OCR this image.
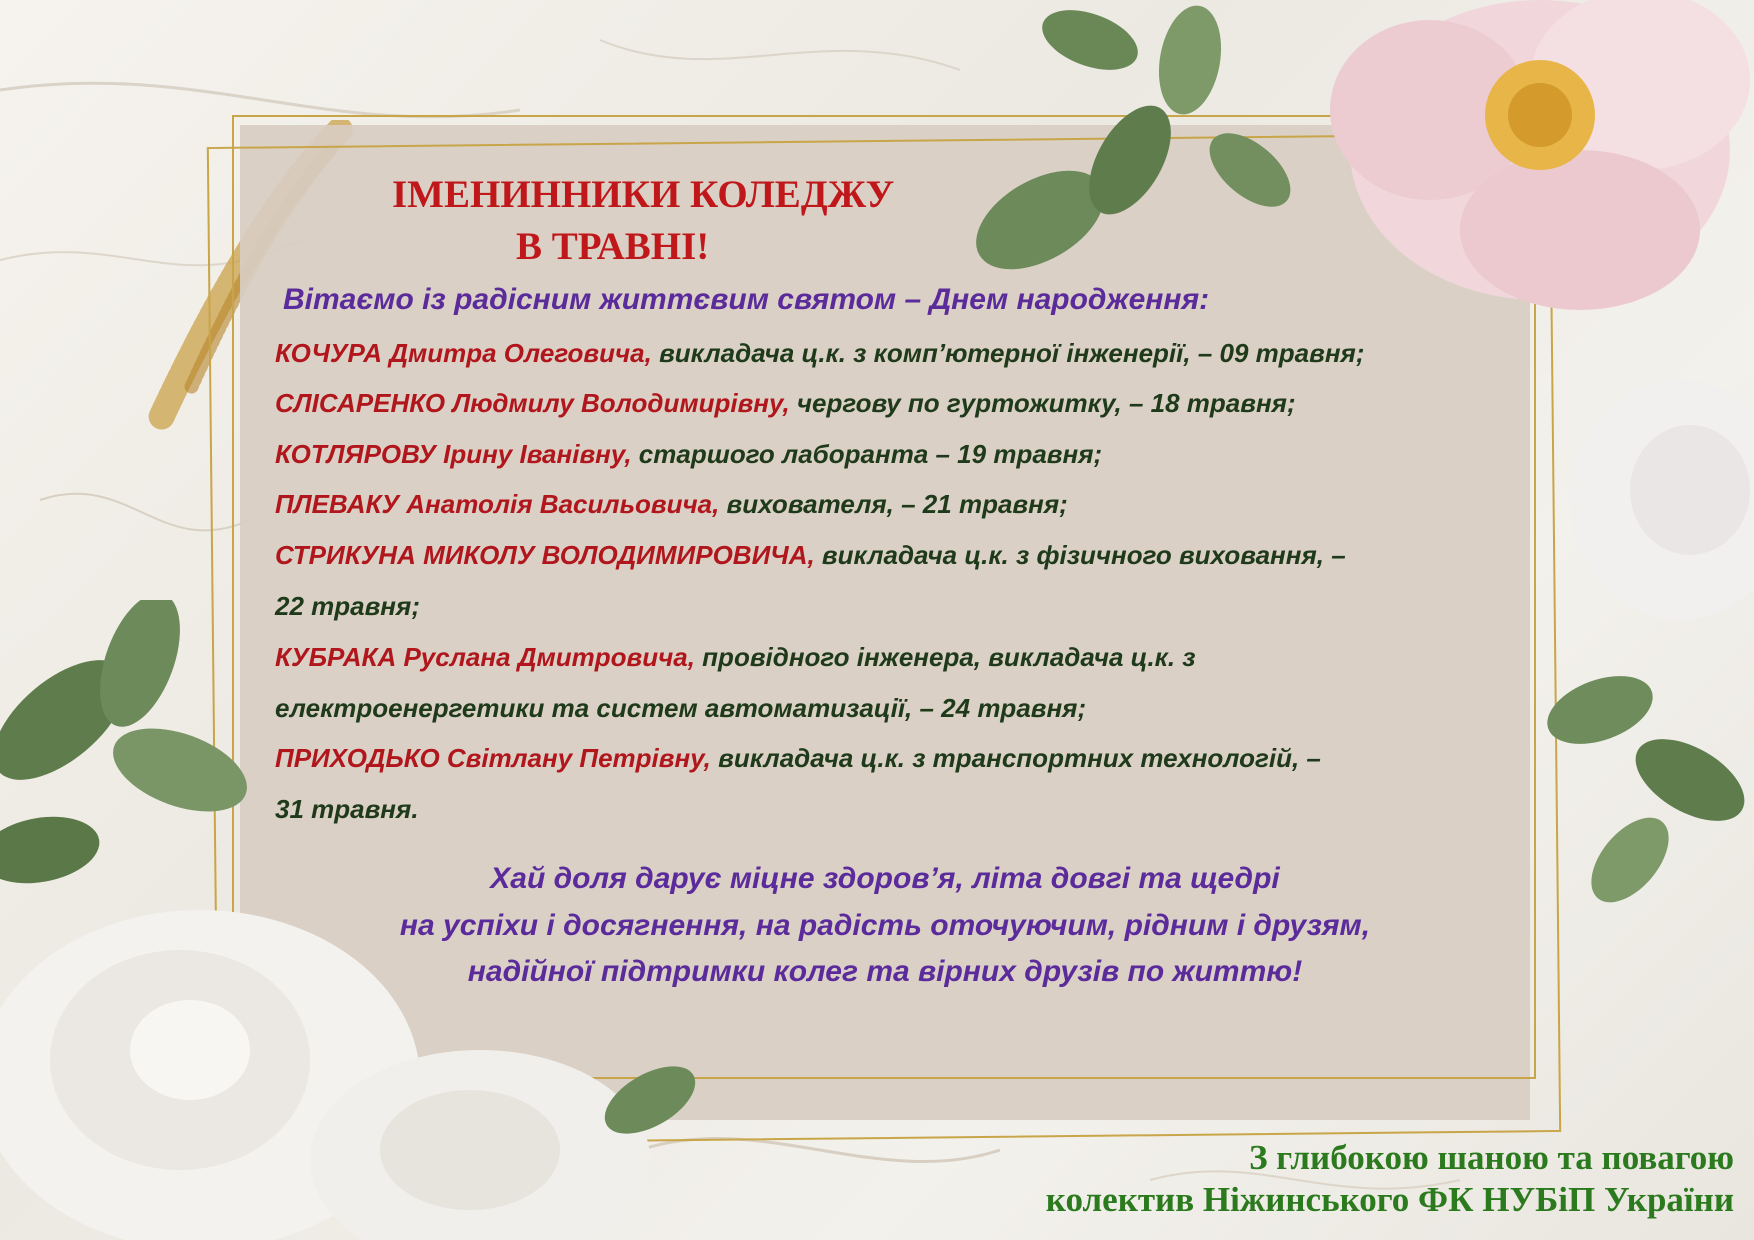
ІМЕНИННИКИ КОЛЕДЖУ
В ТРАВНІ!
Вітаємо із радісним життєвим святом – Днем народження:
КОЧУРА Дмитра Олеговича, викладача ц.к. з комп’ютерної інженерії, – 09 травня;
СЛІСАРЕНКО Людмилу Володимирівну, чергову по гуртожитку, – 18 травня;
КОТЛЯРОВУ Ірину Іванівну, старшого лаборанта – 19 травня;
ПЛЕВАКУ Анатолія Васильовича, вихователя, – 21 травня;
СТРИКУНА МИКОЛУ ВОЛОДИМИРОВИЧА, викладача ц.к. з фізичного виховання, –
22 травня;
КУБРАКА Руслана Дмитровича, провідного інженера, викладача ц.к. з
електроенергетики та систем автоматизації, – 24 травня;
ПРИХОДЬКО Світлану Петрівну, викладача ц.к. з транспортних технологій, –
31 травня.
Хай доля дарує міцне здоров’я, літа довгі та щедрі
на успіхи і досягнення, на радість оточуючим, рідним і друзям,
надійної підтримки колег та вірних друзів по життю!
З глибокою шаною та повагою
колектив Ніжинського ФК НУБіП України
